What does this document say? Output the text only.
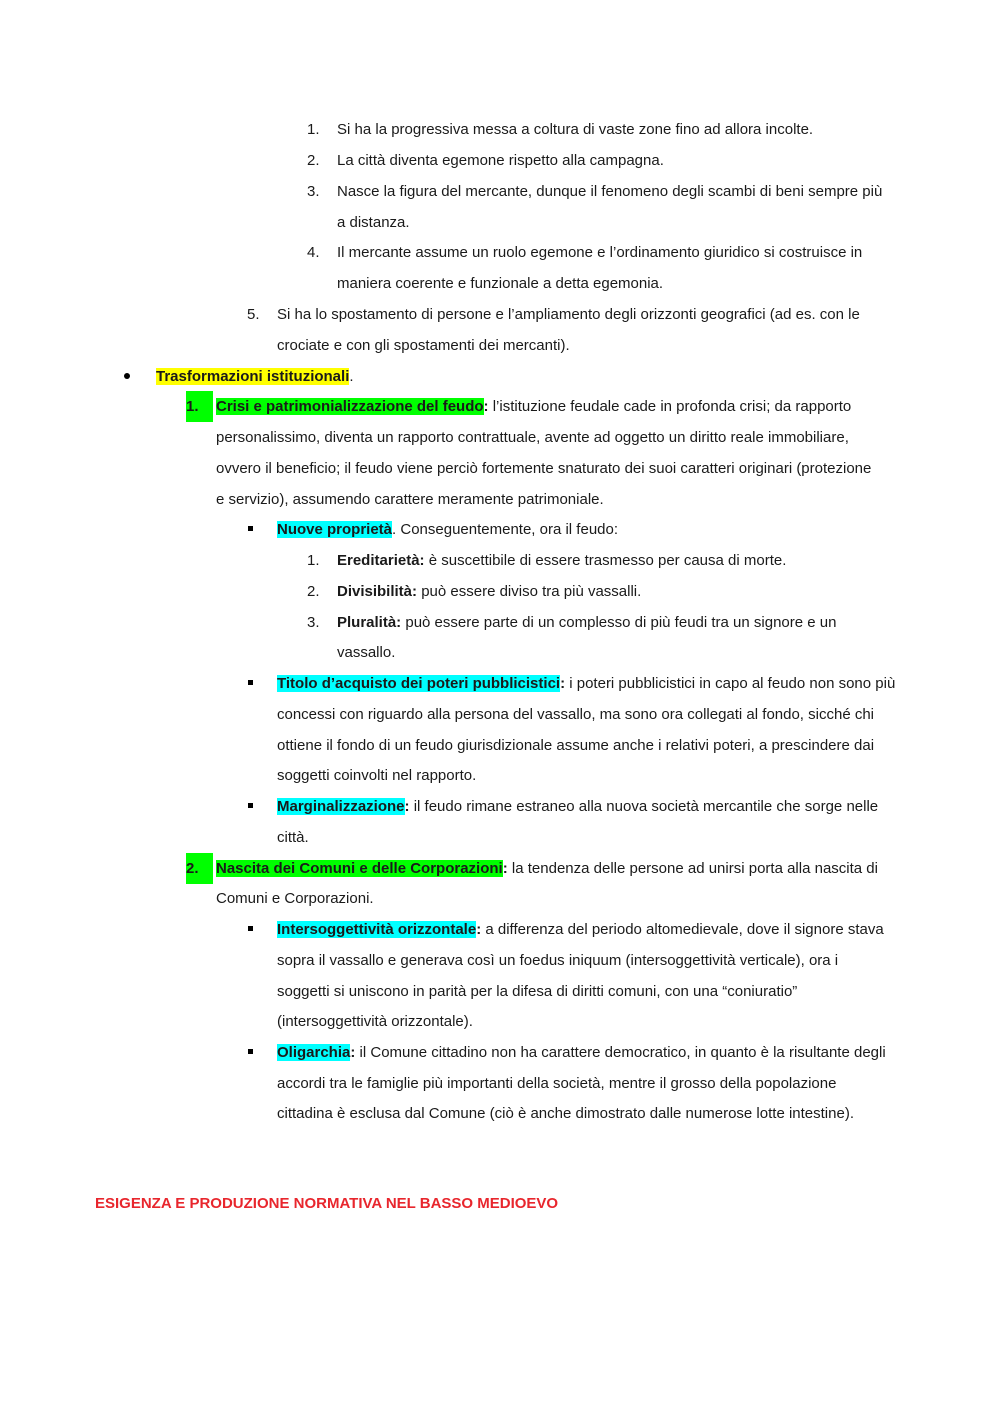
1. Si ha la progressiva messa a coltura di vaste zone fino ad allora incolte.
2. La città diventa egemone rispetto alla campagna.
3. Nasce la figura del mercante, dunque il fenomeno degli scambi di beni sempre più
a distanza.
4. Il mercante assume un ruolo egemone e l’ordinamento giuridico si costruisce in
maniera coerente e funzionale a detta egemonia.
5. Si ha lo spostamento di persone e l’ampliamento degli orizzonti geografici (ad es. con le
crociate e con gli spostamenti dei mercanti).
Trasformazioni istituzionali.
1.	Crisi e patrimonializzazione del feudo: l’istituzione feudale cade in profonda crisi; da rapporto
personalissimo, diventa un rapporto contrattuale, avente ad oggetto un diritto reale immobiliare,
ovvero il beneficio; il feudo viene perciò fortemente snaturato dei suoi caratteri originari (protezione
e servizio), assumendo carattere meramente patrimoniale.
Nuove proprietà. Conseguentemente, ora il feudo:
1. Ereditarietà: è suscettibile di essere trasmesso per causa di morte.
2. Divisibilità: può essere diviso tra più vassalli.
3. Pluralità: può essere parte di un complesso di più feudi tra un signore e un
vassallo.
Titolo d’acquisto dei poteri pubblicistici: i poteri pubblicistici in capo al feudo non sono più
concessi con riguardo alla persona del vassallo, ma sono ora collegati al fondo, sicché chi
ottiene il fondo di un feudo giurisdizionale assume anche i relativi poteri, a prescindere dai
soggetti coinvolti nel rapporto.
Marginalizzazione: il feudo rimane estraneo alla nuova società mercantile che sorge nelle
città.
2.	Nascita dei Comuni e delle Corporazioni: la tendenza delle persone ad unirsi porta alla nascita di
Comuni e Corporazioni.
Intersoggettività orizzontale: a differenza del periodo altomedievale, dove il signore stava
sopra il vassallo e generava così un foedus iniquum (intersoggettività verticale), ora i
soggetti si uniscono in parità per la difesa di diritti comuni, con una “coniuratio”
(intersoggettività orizzontale).
Oligarchia: il Comune cittadino non ha carattere democratico, in quanto è la risultante degli
accordi tra le famiglie più importanti della società, mentre il grosso della popolazione
cittadina è esclusa dal Comune (ciò è anche dimostrato dalle numerose lotte intestine).
ESIGENZA E PRODUZIONE NORMATIVA NEL BASSO MEDIOEVO
